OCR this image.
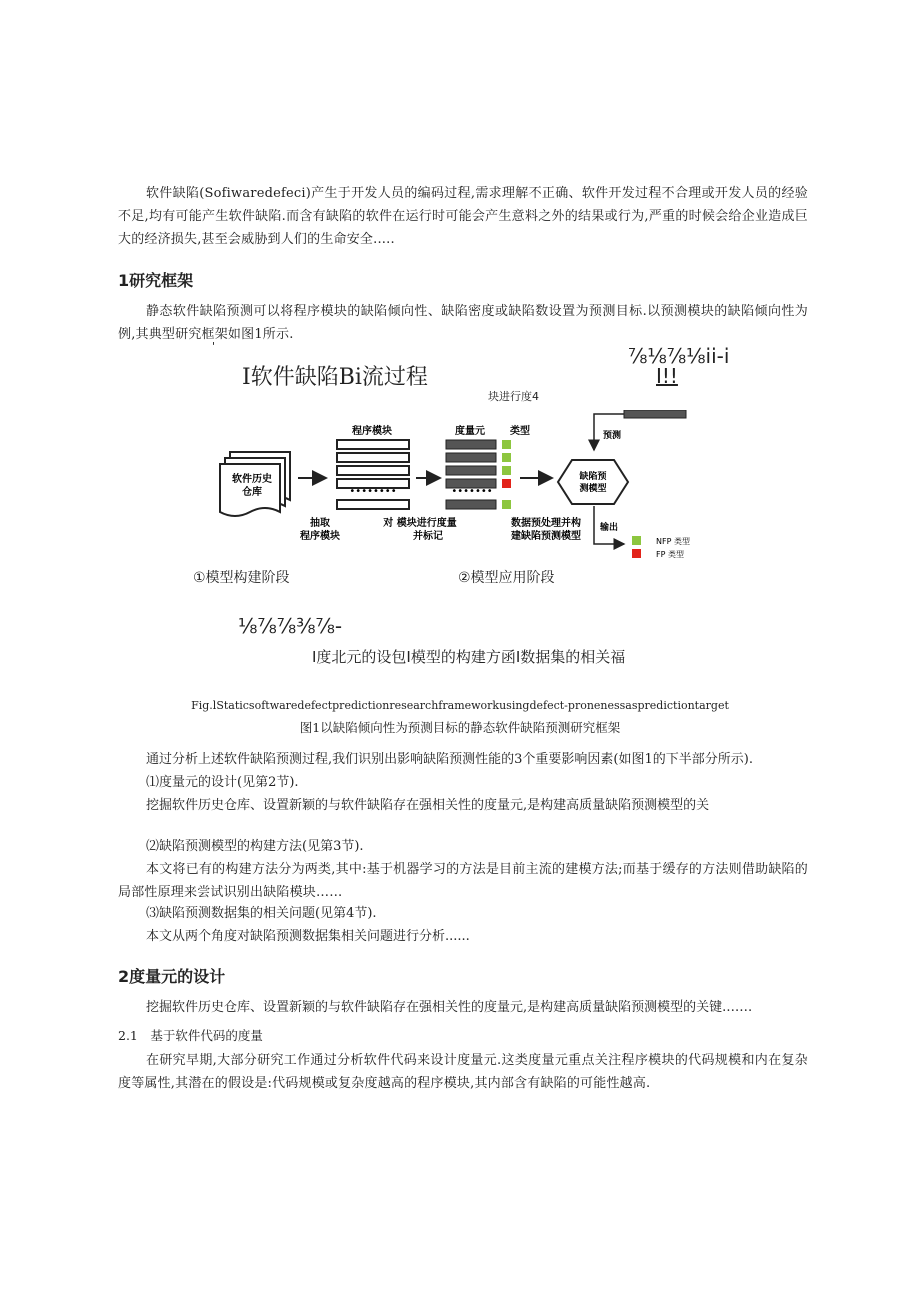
软件缺陷(Sofiwaredefeci)产生于开发人员的编码过程,需求理解不正确、软件开发过程不合理或开发人员的经验不足,均有可能产生软件缺陷.而含有缺陷的软件在运行时可能会产生意料之外的结果或行为,严重的时候会给企业造成巨大的经济损失,甚至会威胁到人们的生命安全.....
1研究框架
静态软件缺陷预测可以将程序模块的缺陷倾向性、缺陷密度或缺陷数设置为预测目标.以预测模块的缺陷倾向性为例,其典型研究框架如图1所示.
'
I软件缺陷Bi流过程
⅞⅛⅞⅛ii-i
I!!
块进行度4
软件历史仓库
程序模块
••••••••
度量元	类型
•••••••
预测
缺陷预测模型
输出
NFP 类型
FP 类型
抽取程序模块
对 模块进行度量并标记
数据预处理并构建缺陷预测模型
①模型构建阶段	②模型应用阶段
⅛⅞⅞⅜⅞-
I度北元的设包I模型的构建方函I数据集的相关福
Fig.lStaticsoftwaredefectpredictionresearchframeworkusingdefect-pronenessaspredictiontarget
图1以缺陷倾向性为预测目标的静态软件缺陷预测研究框架
通过分析上述软件缺陷预测过程,我们识别出影响缺陷预测性能的3个重要影响因素(如图1的下半部分所示).
⑴度量元的设计(见第2节).
挖掘软件历史仓库、设置新颖的与软件缺陷存在强相关性的度量元,是构建高质量缺陷预测模型的关
⑵缺陷预测模型的构建方法(见第3节).
本文将已有的构建方法分为两类,其中:基于机器学习的方法是目前主流的建模方法;而基于缓存的方法则借助缺陷的局部性原理来尝试识别出缺陷模块……
⑶缺陷预测数据集的相关问题(见第4节).
本文从两个角度对缺陷预测数据集相关问题进行分析......
2度量元的设计
挖掘软件历史仓库、设置新颖的与软件缺陷存在强相关性的度量元,是构建高质量缺陷预测模型的关键.……
2.1　基于软件代码的度量
在研究早期,大部分研究工作通过分析软件代码来设计度量元.这类度量元重点关注程序模块的代码规模和内在复杂度等属性,其潜在的假设是:代码规模或复杂度越高的程序模块,其内部含有缺陷的可能性越高.
